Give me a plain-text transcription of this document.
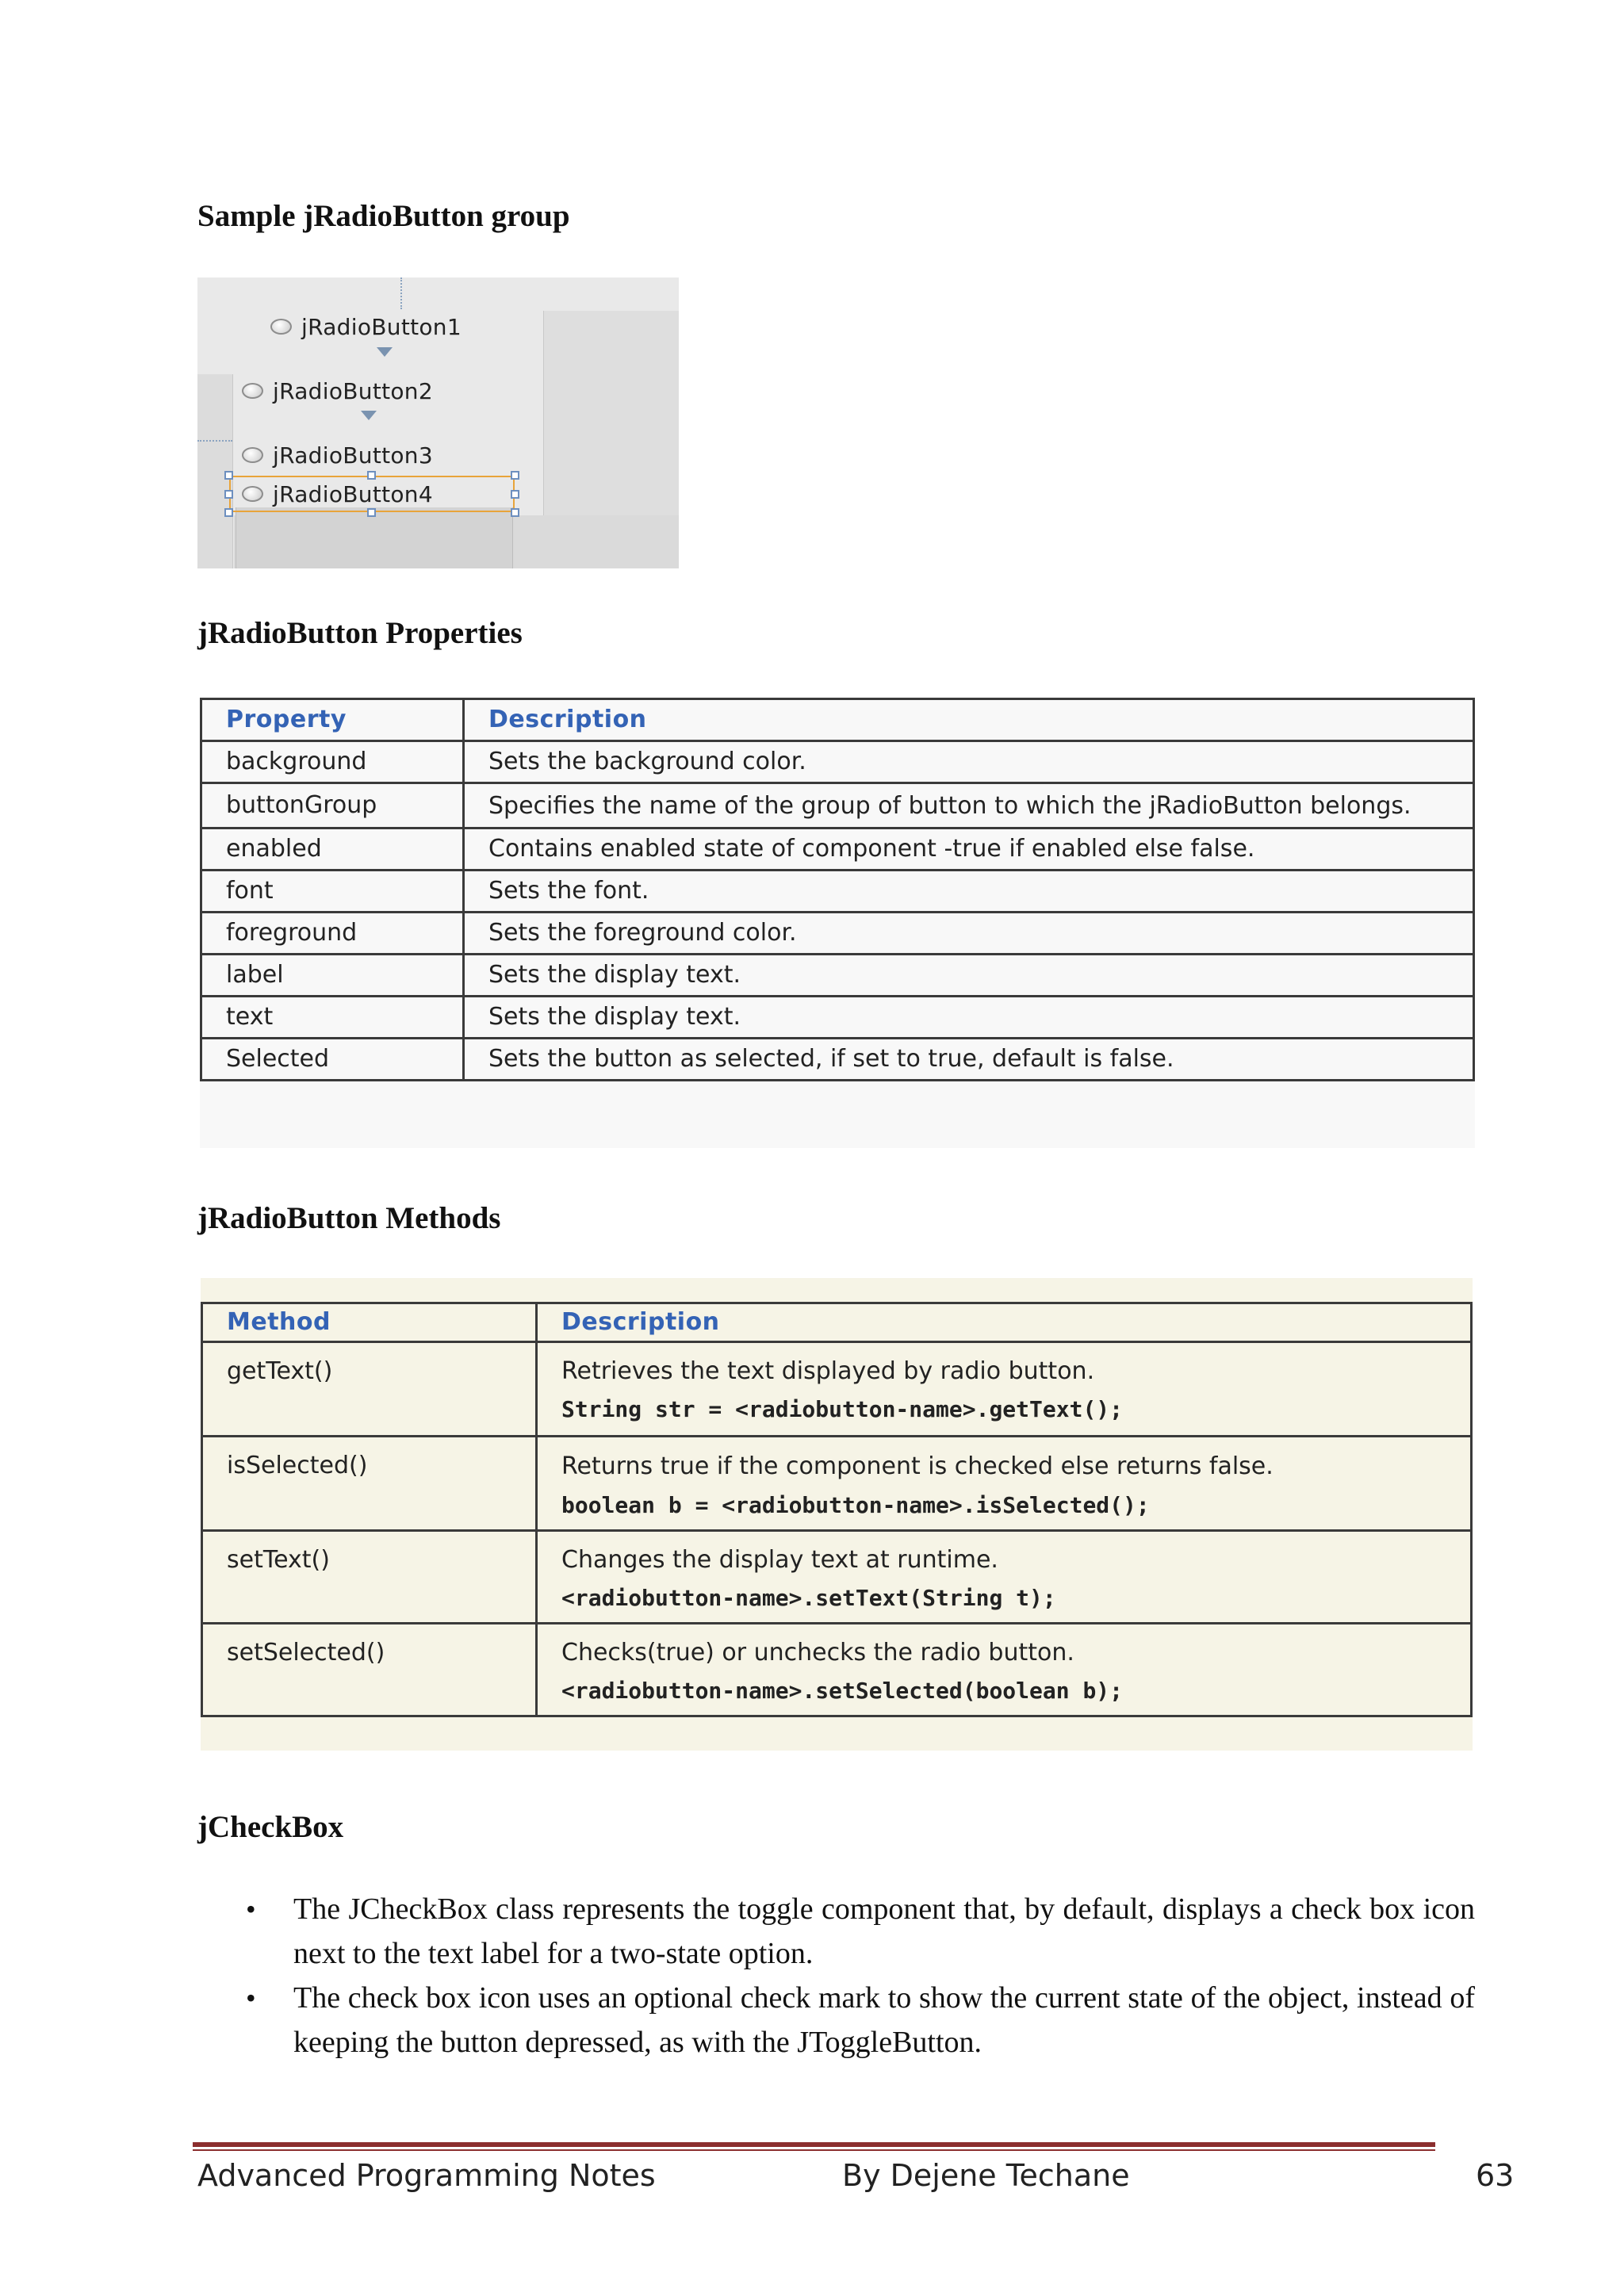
Sample jRadioButton group
jRadioButton1
jRadioButton2
jRadioButton3
jRadioButton4
jRadioButton Properties
Property	Description
background	Sets the background color.
buttonGroup	Specifies the name of the group of button to which the jRadioButton belongs.

enabled	Contains enabled state of component -true if enabled else false.
font	Sets the font.
foreground	Sets the foreground color.
label	Sets the display text.
text	Sets the display text.
Selected	Sets the button as selected, if set to true, default is false.
jRadioButton Methods
Method	Description
getText()	Retrieves the text displayed by radio button.
String str = <radiobutton-name>.getText();

isSelected()	Returns true if the component is checked else returns false.
boolean b = <radiobutton-name>.isSelected();

setText()	Changes the display text at runtime.
<radiobutton-name>.setText(String t);

setSelected()	Checks(true) or unchecks the radio button.
<radiobutton-name>.setSelected(boolean b);
jCheckBox
• The JCheckBox class represents the toggle component that, by default, displays a check box icon next to the text label for a two-state option.
• The check box icon uses an optional check mark to show the current state of the object, instead of keeping the button depressed, as with the JToggleButton.
Advanced Programming Notes	By Dejene Techane	63
